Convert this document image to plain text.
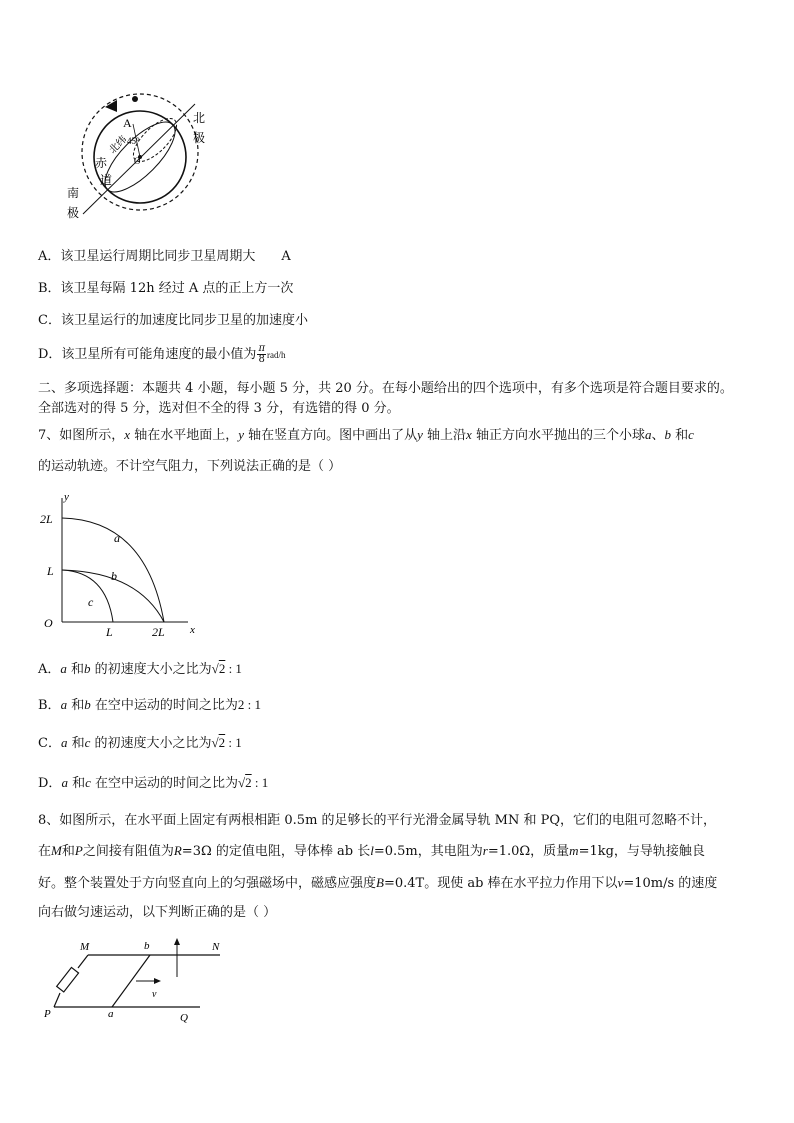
A
45°
赤
道
北纬
O
北
极
南
极
A．该卫星运行周期比同步卫星周期大 A
B．该卫星每隔 12h 经过 A 点的正上方一次
C．该卫星运行的加速度比同步卫星的加速度小
D．该卫星所有可能角速度的最小值为 $\frac{\pi}{8} rad/h$
二、多项选择题：本题共 4 小题，每小题 5 分，共 20 分。在每小题给出的四个选项中，有多个选项是符合题目要求的。
全部选对的得 5 分，选对但不全的得 3 分，有选错的得 0 分。
7、如图所示，x 轴在水平地面上，y 轴在竖直方向。图中画出了从y 轴上沿x 轴正方向水平抛出的三个小球a、b 和c
的运动轨迹。不计空气阻力，下列说法正确的是（ ）
y
x
O
2L
L
L	2L
a
b
c
A．a 和b 的初速度大小之比为√2 : 1
B．a 和b 在空中运动的时间之比为2 : 1
C．a 和c 的初速度大小之比为√2 : 1
D．a 和c 在空中运动的时间之比为√2 : 1
8、如图所示，在水平面上固定有两根相距 0.5m 的足够长的平行光滑金属导轨 MN 和 PQ，它们的电阻可忽略不计，
在M和P之间接有阻值为R=3Ω 的定值电阻，导体棒 ab 长l=0.5m，其电阻为r=1.0Ω，质量m=1kg，与导轨接触良
好。整个装置处于方向竖直向上的匀强磁场中，磁感应强度B=0.4T。现使 ab 棒在水平拉力作用下以v=10m/s 的速度
向右做匀速运动，以下判断正确的是（ ）
v
M	b	N
P	a	Q
